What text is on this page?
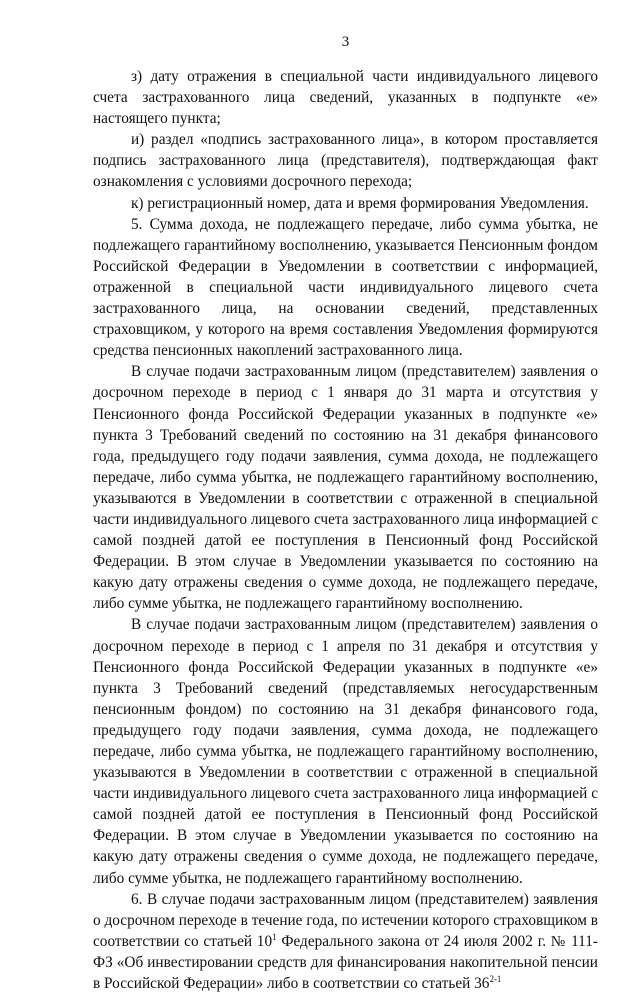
3

з) дату отражения в специальной части индивидуального лицевого счета застрахованного лица сведений, указанных в подпункте «е» настоящего пункта;

и) раздел «подпись застрахованного лица», в котором проставляется подпись застрахованного лица (представителя), подтверждающая факт ознакомления с условиями досрочного перехода;

к) регистрационный номер, дата и время формирования Уведомления.

5. Сумма дохода, не подлежащего передаче, либо сумма убытка, не подлежащего гарантийному восполнению, указывается Пенсионным фондом Российской Федерации в Уведомлении в соответствии с информацией, отраженной в специальной части индивидуального лицевого счета застрахованного лица, на основании сведений, представленных страховщиком, у которого на время составления Уведомления формируются средства пенсионных накоплений застрахованного лица.

В случае подачи застрахованным лицом (представителем) заявления о досрочном переходе в период с 1 января до 31 марта и отсутствия у Пенсионного фонда Российской Федерации указанных в подпункте «е» пункта 3 Требований сведений по состоянию на 31 декабря финансового года, предыдущего году подачи заявления, сумма дохода, не подлежащего передаче, либо сумма убытка, не подлежащего гарантийному восполнению, указываются в Уведомлении в соответствии с отраженной в специальной части индивидуального лицевого счета застрахованного лица информацией с самой поздней датой ее поступления в Пенсионный фонд Российской Федерации. В этом случае в Уведомлении указывается по состоянию на какую дату отражены сведения о сумме дохода, не подлежащего передаче, либо сумме убытка, не подлежащего гарантийному восполнению.

В случае подачи застрахованным лицом (представителем) заявления о досрочном переходе в период с 1 апреля по 31 декабря и отсутствия у Пенсионного фонда Российской Федерации указанных в подпункте «е» пункта 3 Требований сведений (представляемых негосударственным пенсионным фондом) по состоянию на 31 декабря финансового года, предыдущего году подачи заявления, сумма дохода, не подлежащего передаче, либо сумма убытка, не подлежащего гарантийному восполнению, указываются в Уведомлении в соответствии с отраженной в специальной части индивидуального лицевого счета застрахованного лица информацией с самой поздней датой ее поступления в Пенсионный фонд Российской Федерации. В этом случае в Уведомлении указывается по состоянию на какую дату отражены сведения о сумме дохода, не подлежащего передаче, либо сумме убытка, не подлежащего гарантийному восполнению.

6. В случае подачи застрахованным лицом (представителем) заявления о досрочном переходе в течение года, по истечении которого страховщиком в соответствии со статьей $10^1$ Федерального закона от 24 июля 2002 г. № 111-ФЗ «Об инвестировании средств для финансирования накопительной пенсии в Российской Федерации» либо в соответствии со статьей 36$^{2-1}$
